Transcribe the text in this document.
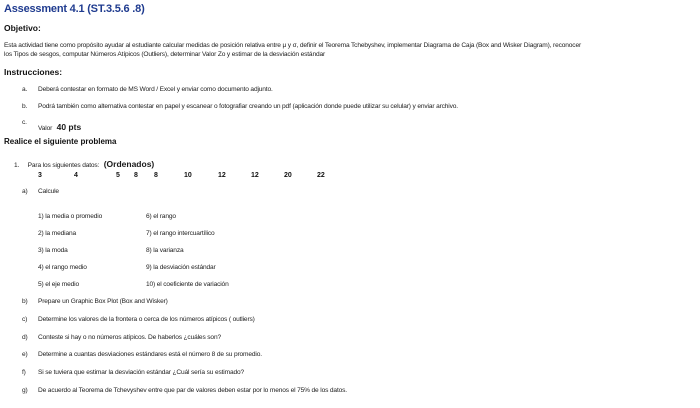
Assessment 4.1 (ST.3.5.6 .8)
Objetivo:
Esta actividad tiene como propósito ayudar al estudiante calcular medidas de posición relativa entre μ y σ, definir el Teorema Tchebyshev, implementar Diagrama de Caja (Box and Wisker Diagram), reconocer
los Tipos de sesgos, computar Números Atípicos (Outliers), determinar Valor Zo y estimar de la desviación estándar
Instrucciones:
a. Deberá contestar en formato de MS Word / Excel y enviar como documento adjunto.
b. Podrá también como alternativa contestar en papel y escanear o fotografiar creando un pdf (aplicación donde puede utilizar su celular) y enviar archivo.
c.
Valor 40 pts
Realice el siguiente problema
1. Para los siguientes datos: (Ordenados)
3	4	5 8 8	10	12	12	20	22
a) Calcule
1) la media o promedio
2) la mediana
3) la moda
4) el rango medio
5) el eje medio
6) el rango
7) el rango intercuartílico
8) la varianza
9) la desviación estándar
10) el coeficiente de variación
b) Prepare un Graphic Box Plot (Box and Wisker)
c) Determine los valores de la frontera o cerca de los números atípicos ( outliers)
d) Conteste si hay o no números atípicos. De haberlos ¿cuáles son?
e) Determine a cuantas desviaciones estándares está el número 8 de su promedio.
f) Si se tuviera que estimar la desviación estándar ¿Cuál sería su estimado?
g) De acuerdo al Teorema de Tchevyshev entre que par de valores deben estar por lo menos el 75% de los datos.
